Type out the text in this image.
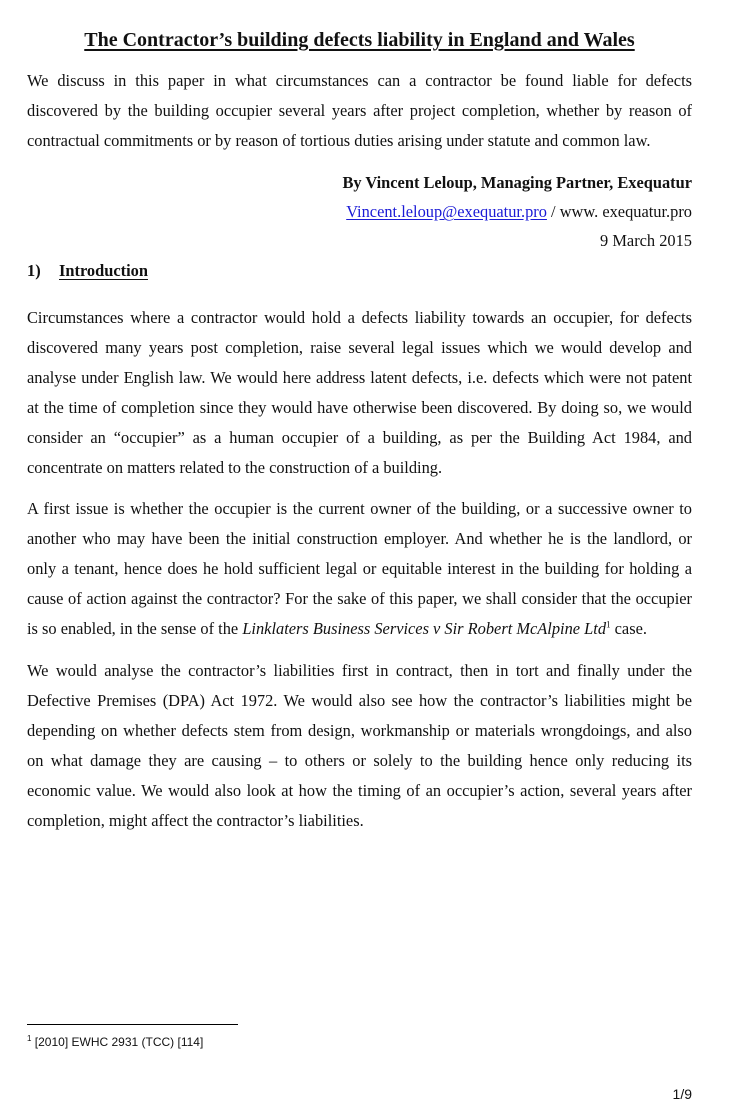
The Contractor’s building defects liability in England and Wales

We discuss in this paper in what circumstances can a contractor be found liable for defects discovered by the building occupier several years after project completion, whether by reason of contractual commitments or by reason of tortious duties arising under statute and common law.

By Vincent Leloup, Managing Partner, Exequatur
Vincent.leloup@exequatur.pro / www. exequatur.pro
9 March 2015
1) Introduction

Circumstances where a contractor would hold a defects liability towards an occupier, for defects discovered many years post completion, raise several legal issues which we would develop and analyse under English law. We would here address latent defects, i.e. defects which were not patent at the time of completion since they would have otherwise been discovered. By doing so, we would consider an “occupier” as a human occupier of a building, as per the Building Act 1984, and concentrate on matters related to the construction of a building.

A first issue is whether the occupier is the current owner of the building, or a successive owner to another who may have been the initial construction employer. And whether he is the landlord, or only a tenant, hence does he hold sufficient legal or equitable interest in the building for holding a cause of action against the contractor? For the sake of this paper, we shall consider that the occupier is so enabled, in the sense of the Linklaters Business Services v Sir Robert McAlpine Ltd$^1$ case.

We would analyse the contractor’s liabilities first in contract, then in tort and finally under the Defective Premises (DPA) Act 1972. We would also see how the contractor’s liabilities might be depending on whether defects stem from design, workmanship or materials wrongdoings, and also on what damage they are causing – to others or solely to the building hence only reducing its economic value. We would also look at how the timing of an occupier’s action, several years after completion, might affect the contractor’s liabilities.

$^1$ [2010] EWHC 2931 (TCC) [114]
1/9
